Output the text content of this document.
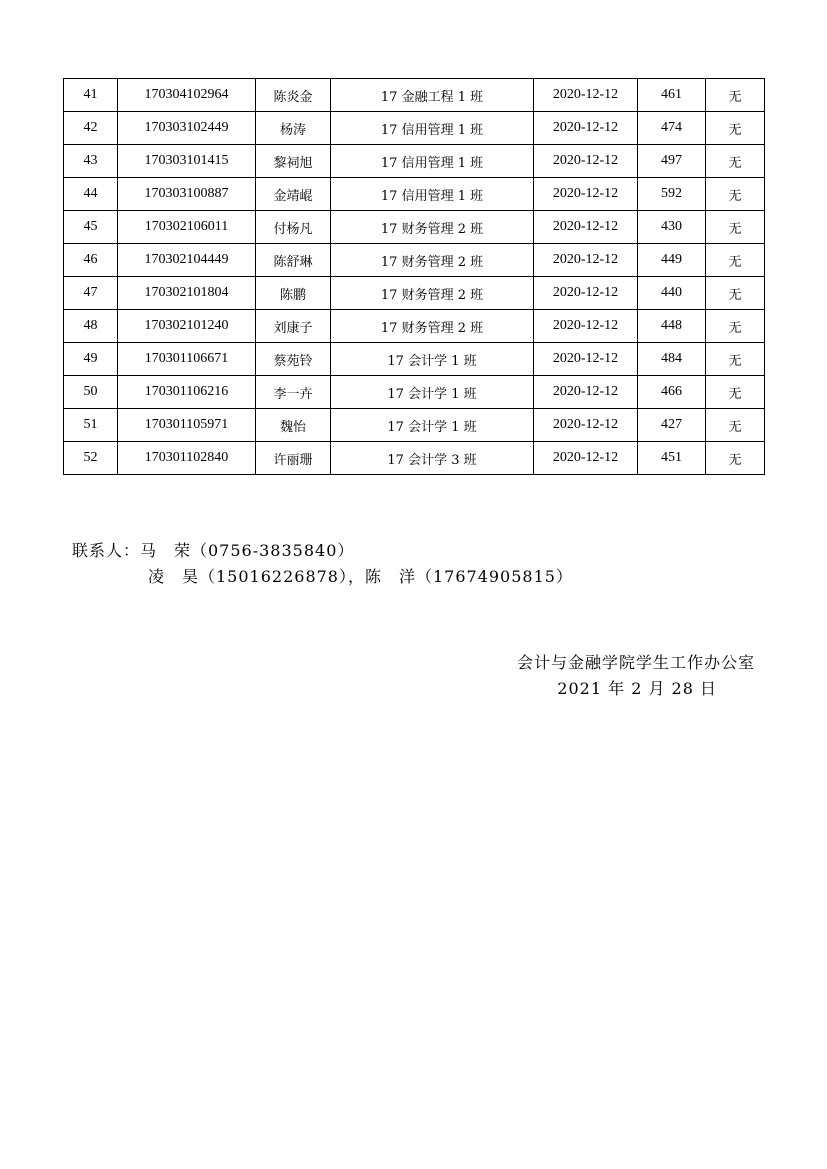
41	170304102964	陈炎金	17 金融工程 1 班	2020-12-12	461	无
42	170303102449	杨涛	17 信用管理 1 班	2020-12-12	474	无
43	170303101415	黎祠旭	17 信用管理 1 班	2020-12-12	497	无
44	170303100887	金靖崐	17 信用管理 1 班	2020-12-12	592	无
45	170302106011	付杨凡	17 财务管理 2 班	2020-12-12	430	无
46	170302104449	陈舒琳	17 财务管理 2 班	2020-12-12	449	无
47	170302101804	陈鹏	17 财务管理 2 班	2020-12-12	440	无
48	170302101240	刘康子	17 财务管理 2 班	2020-12-12	448	无
49	170301106671	蔡苑铃	17 会计学 1 班	2020-12-12	484	无
50	170301106216	李一卉	17 会计学 1 班	2020-12-12	466	无
51	170301105971	魏怡	17 会计学 1 班	2020-12-12	427	无
52	170301102840	许丽珊	17 会计学 3 班	2020-12-12	451	无
联系人：马　荣（0756-3835840）
凌　昊（15016226878），陈　洋（17674905815）
会计与金融学院学生工作办公室
2021 年 2 月 28 日
